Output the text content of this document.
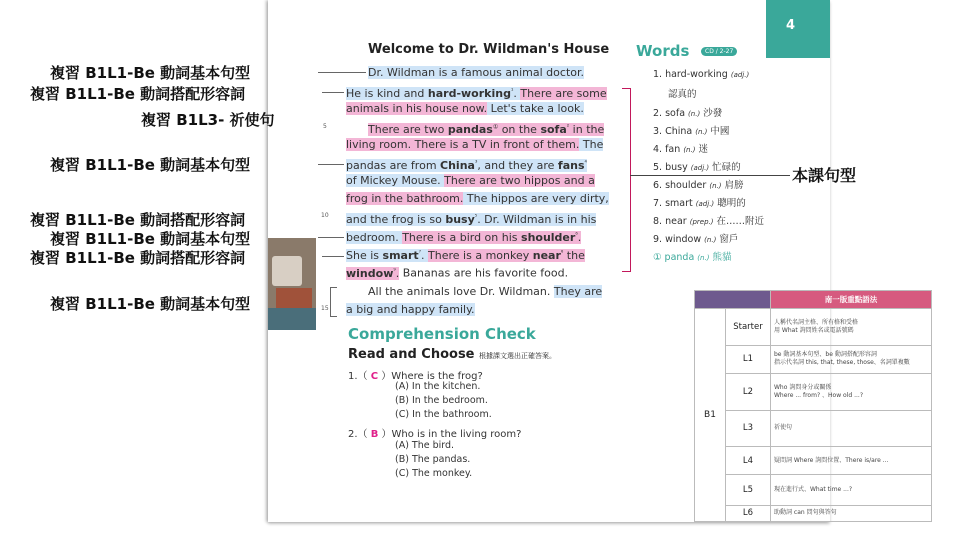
4
Welcome to Dr. Wildman's House
Dr. Wildman is a famous animal doctor.
He is kind and hard-working$^{^1}$. There are some
animals in his house now. Let's take a look.
There are two pandas① on the sofa$^{^2}$ in the
living room. There is a TV in front of them. The
pandas are from China$^{^3}$, and they are fans$^{^4}$
of Mickey Mouse. There are two hippos and a
frog in the bathroom. The hippos are very dirty,
and the frog is so busy$^{^5}$. Dr. Wildman is in his
bedroom. There is a bird on his shoulder$^{^6}$.
She is smart$^{^7}$. There is a monkey near$^{^8}$ the
window$^{^9}$. Bananas are his favorite food.
All the animals love Dr. Wildman. They are
a big and happy family.
5
10
15
複習 B1L1-Be 動詞基本句型
複習 B1L1-Be 動詞搭配形容詞
複習 B1L3- 祈使句
複習 B1L1-Be 動詞基本句型
複習 B1L1-Be 動詞搭配形容詞
複習 B1L1-Be 動詞基本句型
複習 B1L1-Be 動詞搭配形容詞
複習 B1L1-Be 動詞基本句型
本課句型
Words	CD / 2-27
1. hard-working (adj.)
認真的
2. sofa (n.) 沙發
3. China (n.) 中國
4. fan (n.) 迷
5. busy (adj.) 忙碌的
6. shoulder (n.) 肩膀
7. smart (adj.) 聰明的
8. near (prep.) 在……附近
9. window (n.) 窗戶
① panda (n.) 熊貓
Comprehension Check
Read and Choose 根據課文選出正確答案。
1.（ C ）Where is the frog?
(A) In the kitchen.
(B) In the bedroom.
(C) In the bathroom.
2.（ B ）Who is in the living room?
(A) The bird.
(B) The pandas.
(C) The monkey.
		南一版重點語法
B1	Starter	人稱代名詞主格、所有格和受格
用 What 詢問姓名或電話號碼
	L1	be 動詞基本句型、be 動詞搭配形容詞
指示代名詞 this, that, these, those、名詞單複數
	L2	Who 詢問身分或關係
Where ... from? 、How old ...?
	L3	祈使句
	L4	疑問詞 Where 詢問位置、There is/are ...
	L5	現在進行式、What time ...?
	L6	助動詞 can 問句與答句
